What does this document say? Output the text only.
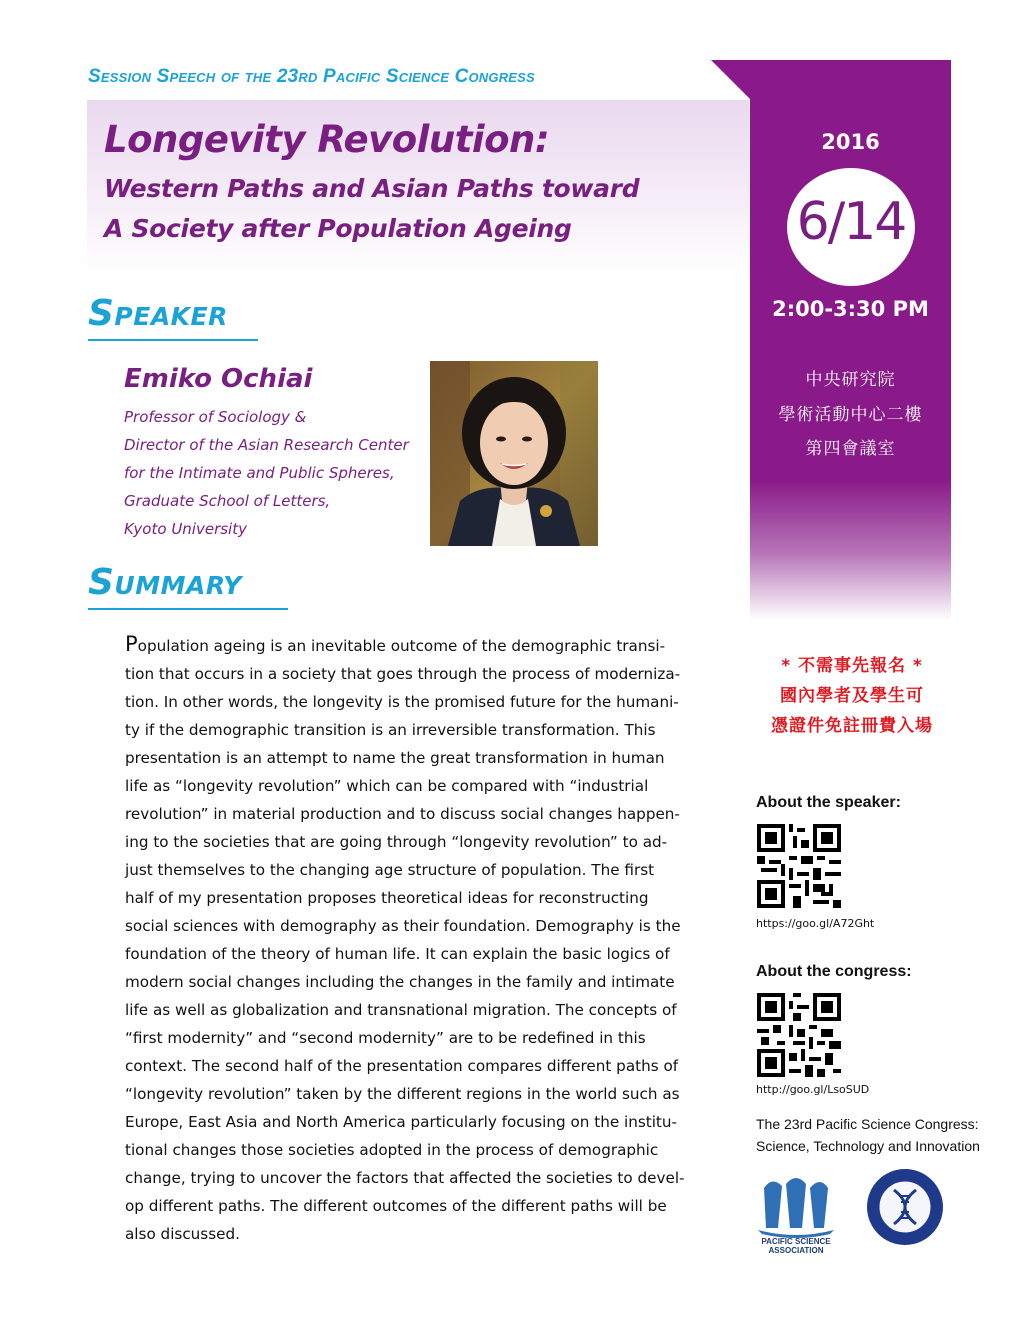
Session Speech of the 23rd Pacific Science Congress
Longevity Revolution:
Western Paths and Asian Paths toward
A Society after Population Ageing
Speaker
Emiko Ochiai
Professor of Sociology &
Director of the Asian Research Center
for the Intimate and Public Spheres,
Graduate School of Letters,
Kyoto University
Summary
Population ageing is an inevitable outcome of the demographic transi-
tion that occurs in a society that goes through the process of moderniza-
tion. In other words, the longevity is the promised future for the humani-
ty if the demographic transition is an irreversible transformation. This
presentation is an attempt to name the great transformation in human
life as “longevity revolution” which can be compared with “industrial
revolution” in material production and to discuss social changes happen-
ing to the societies that are going through “longevity revolution” to ad-
just themselves to the changing age structure of population. The first
half of my presentation proposes theoretical ideas for reconstructing
social sciences with demography as their foundation. Demography is the
foundation of the theory of human life. It can explain the basic logics of
modern social changes including the changes in the family and intimate
life as well as globalization and transnational migration. The concepts of
“first modernity” and “second modernity” are to be redefined in this
context. The second half of the presentation compares different paths of
“longevity revolution” taken by the different regions in the world such as
Europe, East Asia and North America particularly focusing on the institu-
tional changes those societies adopted in the process of demographic
change, trying to uncover the factors that affected the societies to devel-
op different paths. The different outcomes of the different paths will be
also discussed.
2016
6/14
2:00-3:30 PM
中央研究院
學術活動中心二樓
第四會議室
* 不需事先報名 *
國內學者及學生可
憑證件免註冊費入場
About the speaker:
https://goo.gl/A72Ght
About the congress:
http://goo.gl/LsoSUD
The 23rd Pacific Science Congress:
Science, Technology and Innovation
PACIFIC SCIENCE
ASSOCIATION
